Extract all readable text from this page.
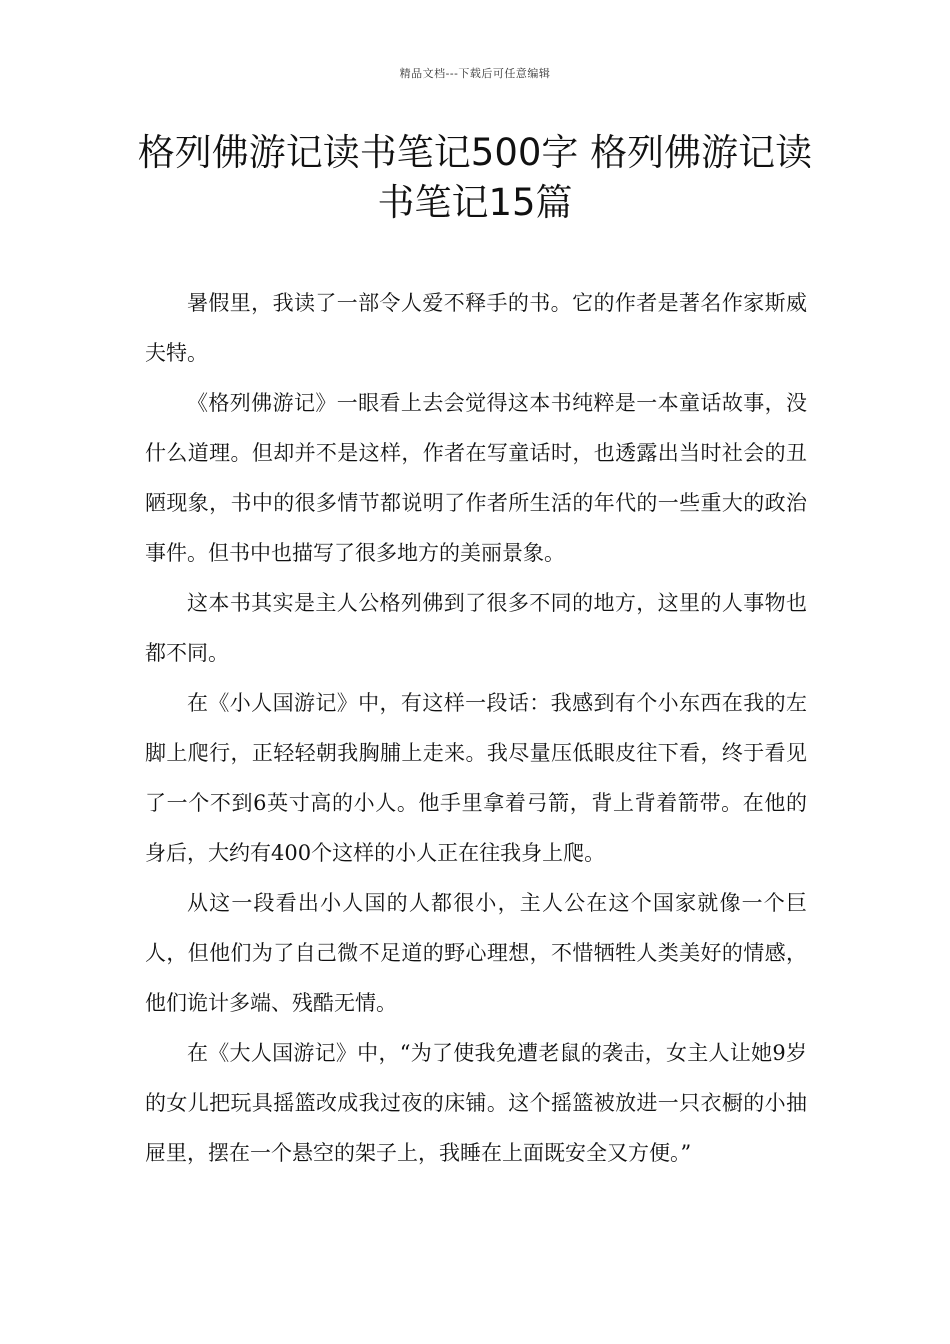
精品文档---下载后可任意编辑
格列佛游记读书笔记500字 格列佛游记读书笔记15篇

暑假里，我读了一部令人爱不释手的书。它的作者是著名作家斯威夫特。

《格列佛游记》一眼看上去会觉得这本书纯粹是一本童话故事，没什么道理。但却并不是这样，作者在写童话时，也透露出当时社会的丑陋现象，书中的很多情节都说明了作者所生活的年代的一些重大的政治事件。但书中也描写了很多地方的美丽景象。

这本书其实是主人公格列佛到了很多不同的地方，这里的人事物也都不同。

在《小人国游记》中，有这样一段话：我感到有个小东西在我的左脚上爬行，正轻轻朝我胸脯上走来。我尽量压低眼皮往下看，终于看见了一个不到6英寸高的小人。他手里拿着弓箭，背上背着箭带。在他的身后，大约有400个这样的小人正在往我身上爬。

从这一段看出小人国的人都很小，主人公在这个国家就像一个巨人，但他们为了自己微不足道的野心理想，不惜牺牲人类美好的情感，他们诡计多端、残酷无情。

在《大人国游记》中，“为了使我免遭老鼠的袭击，女主人让她9岁的女儿把玩具摇篮改成我过夜的床铺。这个摇篮被放进一只衣橱的小抽屉里，摆在一个悬空的架子上，我睡在上面既安全又方便。”
